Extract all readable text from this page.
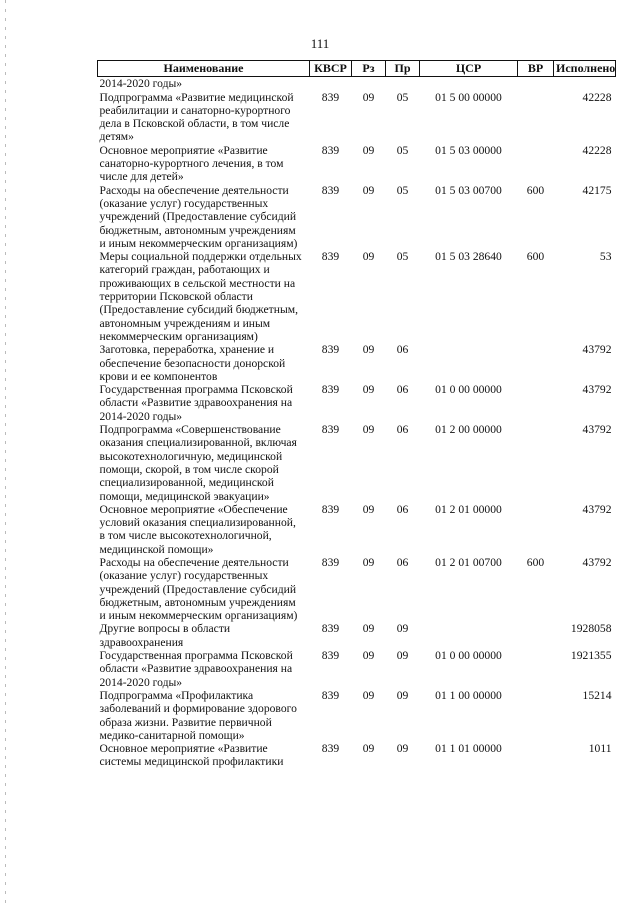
111
Наименование	КВСР	Рз	Пр	ЦСР	ВР	Исполнено
2014-2020 годы»						
Подпрограмма «Развитие медицинской реабилитации и санаторно-курортного дела в Псковской области, в том числе детям»	839	09	05	01 5 00 00000		42228
Основное мероприятие «Развитие санаторно-курортного лечения, в том числе для детей»	839	09	05	01 5 03 00000		42228
Расходы на обеспечение деятельности (оказание услуг) государственных учреждений (Предоставление субсидий бюджетным, автономным учреждениям и иным некоммерческим организациям)	839	09	05	01 5 03 00700	600	42175
Меры социальной поддержки отдельных категорий граждан, работающих и проживающих в сельской местности на территории Псковской области (Предоставление субсидий бюджетным, автономным учреждениям и иным некоммерческим организациям)	839	09	05	01 5 03 28640	600	53
Заготовка, переработка, хранение и обеспечение безопасности донорской крови и ее компонентов	839	09	06			43792
Государственная программа Псковской области «Развитие здравоохранения на 2014-2020 годы»	839	09	06	01 0 00 00000		43792
Подпрограмма «Совершенствование оказания специализированной, включая высокотехнологичную, медицинской помощи, скорой, в том числе скорой специализированной, медицинской помощи, медицинской эвакуации»	839	09	06	01 2 00 00000		43792
Основное мероприятие «Обеспечение условий оказания специализированной, в том числе высокотехнологичной, медицинской помощи»	839	09	06	01 2 01 00000		43792
Расходы на обеспечение деятельности (оказание услуг) государственных учреждений (Предоставление субсидий бюджетным, автономным учреждениям и иным некоммерческим организациям)	839	09	06	01 2 01 00700	600	43792
Другие вопросы в области здравоохранения	839	09	09			1928058
Государственная программа Псковской области «Развитие здравоохранения на 2014-2020 годы»	839	09	09	01 0 00 00000		1921355
Подпрограмма «Профилактика заболеваний и формирование здорового образа жизни. Развитие первичной медико-санитарной помощи»	839	09	09	01 1 00 00000		15214
Основное мероприятие «Развитие системы медицинской профилактики	839	09	09	01 1 01 00000		1011
